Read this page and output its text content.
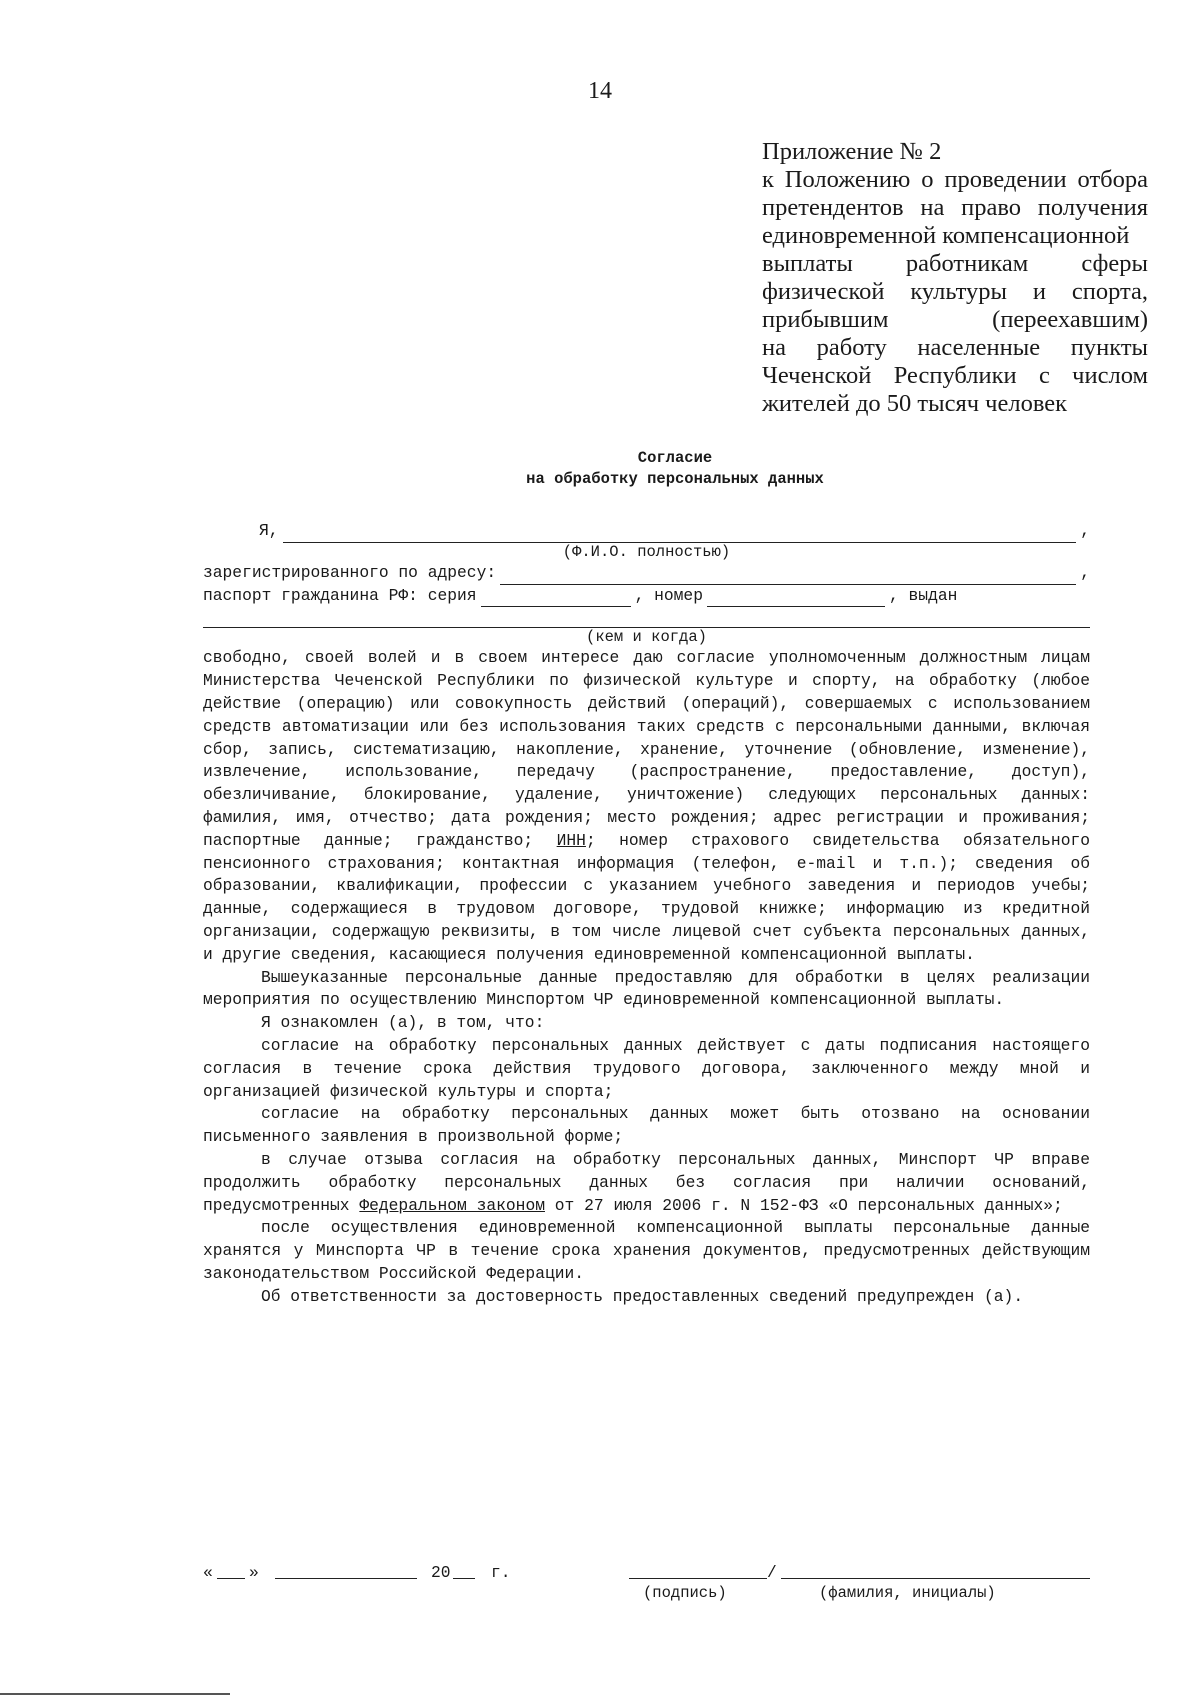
14
Приложение № 2
к Положению о проведении отбора
претендентов на право получения
единовременной компенсационной
выплаты работникам сферы
физической культуры и спорта,
прибывшим (переехавшим)
на работу населенные пункты
Чеченской Республики с числом
жителей до 50 тысяч человек
Согласие
на обработку персональных данных
Я,	,
(Ф.И.О. полностью)
зарегистрированного по адресу:	,
паспорт гражданина РФ: серия	, номер	, выдан
(кем и когда)
свободно, своей волей и в своем интересе даю согласие уполномоченным должностным лицам Министерства Чеченской Республики по физической культуре и спорту, на обработку (любое действие (операцию) или совокупность действий (операций), совершаемых с использованием средств автоматизации или без использования таких средств с персональными данными, включая сбор, запись, систематизацию, накопление, хранение, уточнение (обновление, изменение), извлечение, использование, передачу (распространение, предоставление, доступ), обезличивание, блокирование, удаление, уничтожение) следующих персональных данных: фамилия, имя, отчество; дата рождения; место рождения; адрес регистрации и проживания; паспортные данные; гражданство; ИНН; номер страхового свидетельства обязательного пенсионного страхования; контактная информация (телефон, e-mail и т.п.); сведения об образовании, квалификации, профессии с указанием учебного заведения и периодов учебы; данные, содержащиеся в трудовом договоре, трудовой книжке; информацию из кредитной организации, содержащую реквизиты, в том числе лицевой счет субъекта персональных данных, и другие сведения, касающиеся получения единовременной компенсационной выплаты.
Вышеуказанные персональные данные предоставляю для обработки в целях реализации мероприятия по осуществлению Минспортом ЧР единовременной компенсационной выплаты.
Я ознакомлен (а), в том, что:
согласие на обработку персональных данных действует с даты подписания настоящего согласия в течение срока действия трудового договора, заключенного между мной и организацией физической культуры и спорта;
согласие на обработку персональных данных может быть отозвано на основании письменного заявления в произвольной форме;
в случае отзыва согласия на обработку персональных данных, Минспорт ЧР вправе продолжить обработку персональных данных без согласия при наличии оснований, предусмотренных Федеральном законом от 27 июля 2006 г. N 152-ФЗ «О персональных данных»;
после осуществления единовременной компенсационной выплаты персональные данные хранятся у Минспорта ЧР в течение срока хранения документов, предусмотренных действующим законодательством Российской Федерации.
Об ответственности за достоверность предоставленных сведений предупрежден (а).
« »	20 г.	/
(подпись)	(фамилия, инициалы)
